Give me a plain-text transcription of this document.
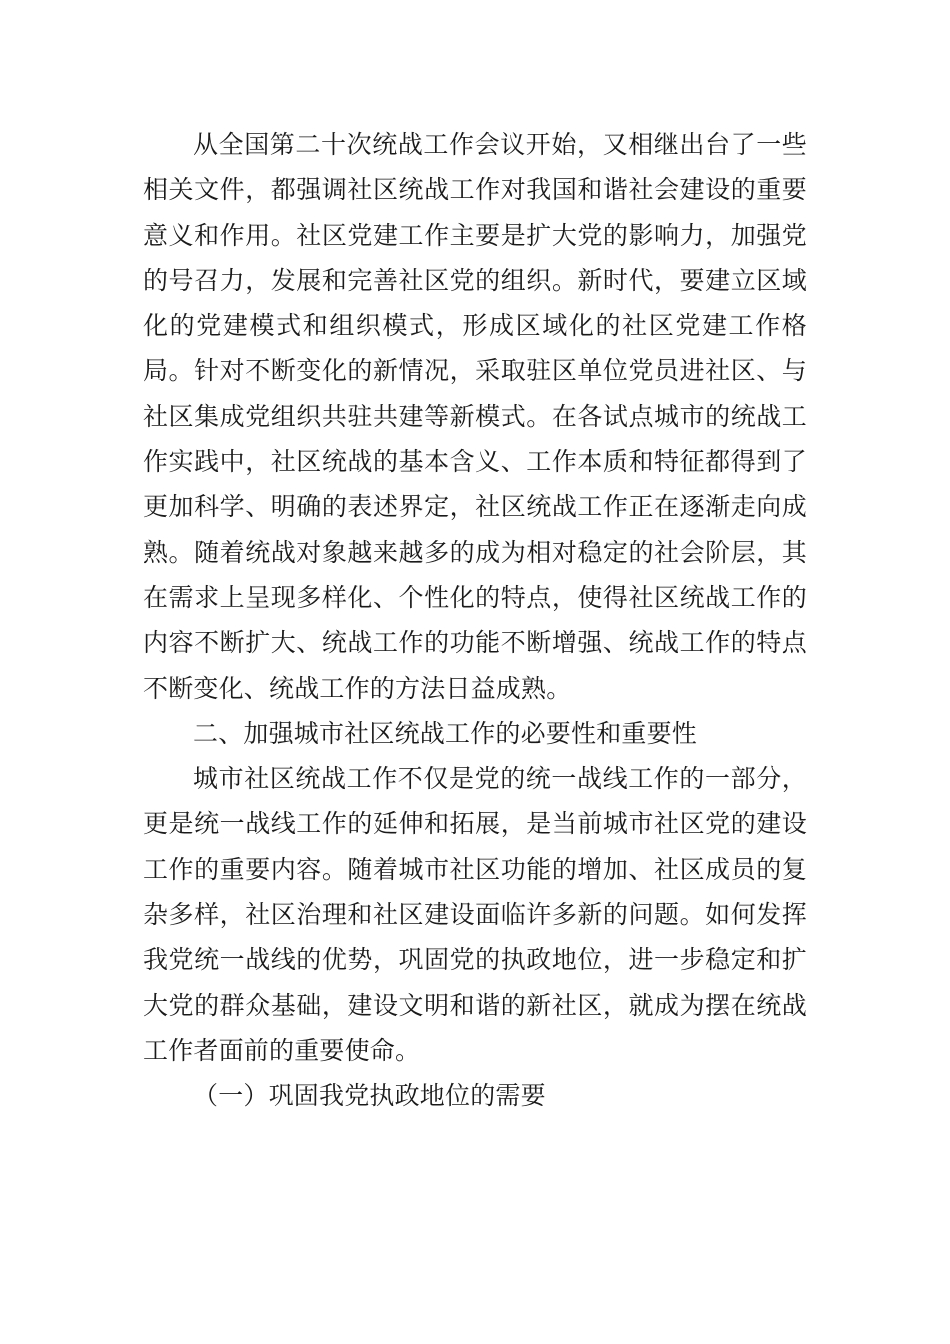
从全国第二十次统战工作会议开始，又相继出台了一些相关文件，都强调社区统战工作对我国和谐社会建设的重要意义和作用。社区党建工作主要是扩大党的影响力，加强党的号召力，发展和完善社区党的组织。新时代，要建立区域化的党建模式和组织模式，形成区域化的社区党建工作格局。针对不断变化的新情况，采取驻区单位党员进社区、与社区集成党组织共驻共建等新模式。在各试点城市的统战工作实践中，社区统战的基本含义、工作本质和特征都得到了更加科学、明确的表述界定，社区统战工作正在逐渐走向成熟。随着统战对象越来越多的成为相对稳定的社会阶层，其在需求上呈现多样化、个性化的特点，使得社区统战工作的内容不断扩大、统战工作的功能不断增强、统战工作的特点不断变化、统战工作的方法日益成熟。

二、加强城市社区统战工作的必要性和重要性

城市社区统战工作不仅是党的统一战线工作的一部分，更是统一战线工作的延伸和拓展，是当前城市社区党的建设工作的重要内容。随着城市社区功能的增加、社区成员的复杂多样，社区治理和社区建设面临许多新的问题。如何发挥我党统一战线的优势，巩固党的执政地位，进一步稳定和扩大党的群众基础，建设文明和谐的新社区，就成为摆在统战工作者面前的重要使命。

（一）巩固我党执政地位的需要
